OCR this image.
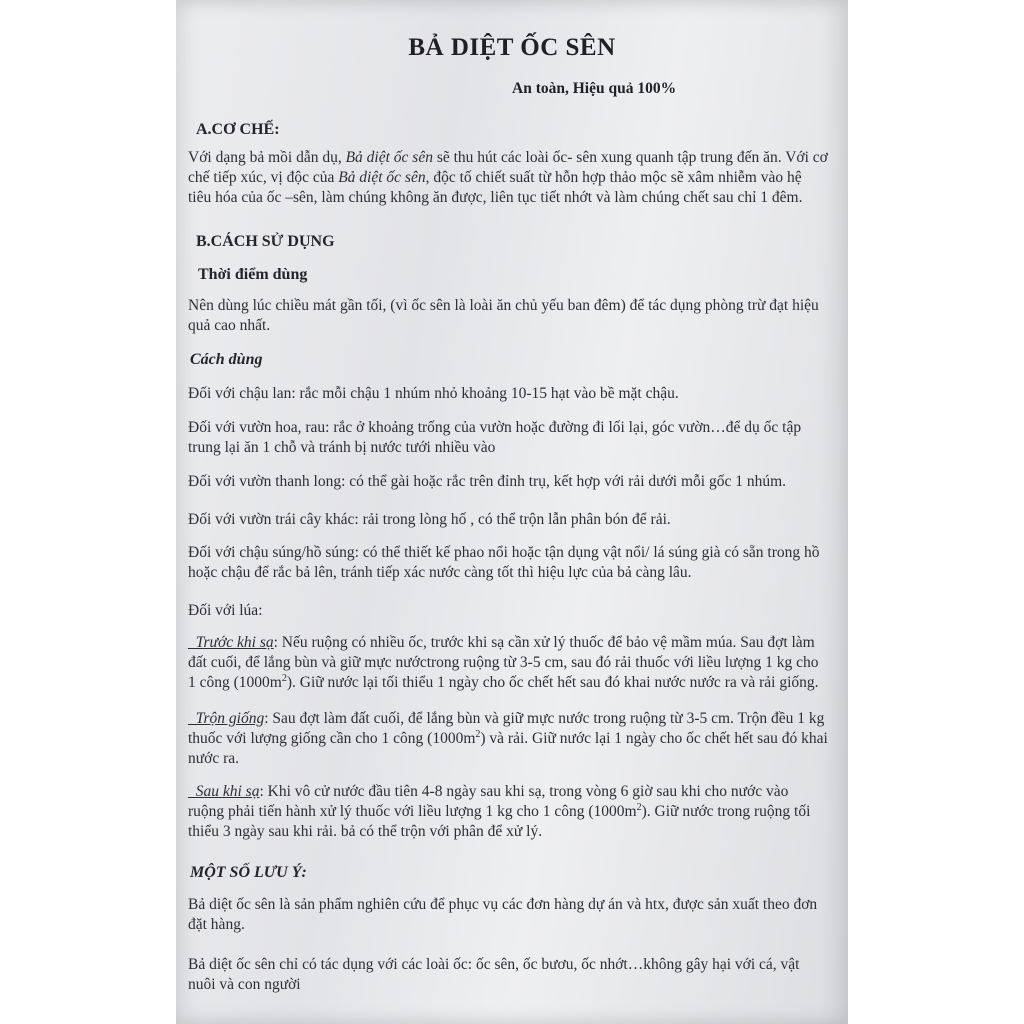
BẢ DIỆT ỐC SÊN
An toàn, Hiệu quả 100%
A.CƠ CHẾ:

Với dạng bả mồi dẫn dụ, Bả diệt ốc sên sẽ thu hút các loài ốc- sên xung quanh tập trung đến ăn. Với cơ chế tiếp xúc, vị độc của Bả diệt ốc sên, độc tố chiết suất từ hỗn hợp thảo mộc sẽ xâm nhiễm vào hệ tiêu hóa của ốc –sên, làm chúng không ăn được, liên tục tiết nhớt và làm chúng chết sau chỉ 1 đêm.

B.CÁCH SỬ DỤNG
Thời điểm dùng

Nên dùng lúc chiều mát gần tối, (vì ốc sên là loài ăn chủ yếu ban đêm) để tác dụng phòng trừ đạt hiệu quả cao nhất.

Cách dùng

Đối với chậu lan: rắc mỗi chậu 1 nhúm nhỏ khoảng 10-15 hạt vào bề mặt chậu.

Đối với vườn hoa, rau: rắc ở khoảng trống của vườn hoặc đường đi lối lại, góc vườn…để dụ ốc tập trung lại ăn 1 chỗ và tránh bị nước tưới nhiều vào

Đối với vườn thanh long: có thể gài hoặc rắc trên đỉnh trụ, kết hợp với rải dưới mỗi gốc 1 nhúm.

Đối với vườn trái cây khác: rải trong lòng hố , có thể trộn lẫn phân bón để rải.

Đối với chậu súng/hồ súng: có thể thiết kế phao nổi hoặc tận dụng vật nổi/ lá súng già có sẵn trong hồ hoặc chậu để rắc bả lên, tránh tiếp xác nước càng tốt thì hiệu lực của bả càng lâu.

Đối với lúa:

_Trước khi sạ: Nếu ruộng có nhiều ốc, trước khi sạ cần xử lý thuốc để bảo vệ mầm múa. Sau đợt làm đất cuối, để lắng bùn và giữ mực nướctrong ruộng từ 3-5 cm, sau đó rải thuốc với liều lượng 1 kg cho 1 công $(1000m^2)$. Giữ nước lại tối thiểu 1 ngày cho ốc chết hết sau đó khai nước nước ra và rải giống.

_Trộn giống: Sau đợt làm đất cuối, để lắng bùn và giữ mực nước trong ruộng từ 3-5 cm. Trộn đều 1 kg thuốc với lượng giống cần cho 1 công $(1000m^2)$ và rải. Giữ nước lại 1 ngày cho ốc chết hết sau đó khai nước ra.

_Sau khi sạ: Khi vô cử nước đầu tiên 4-8 ngày sau khi sạ, trong vòng 6 giờ sau khi cho nước vào ruộng phải tiến hành xử lý thuốc với liều lượng 1 kg cho 1 công $(1000m^2)$. Giữ nước trong ruộng tối thiểu 3 ngày sau khi rải. bả có thể trộn với phân để xử lý.

MỘT SỐ LƯU Ý:

Bả diệt ốc sên là sản phẩm nghiên cứu để phục vụ các đơn hàng dự án và htx, được sản xuất theo đơn đặt hàng.

Bả diệt ốc sên chỉ có tác dụng với các loài ốc: ốc sên, ốc bươu, ốc nhớt…không gây hại với cá, vật nuôi và con người
